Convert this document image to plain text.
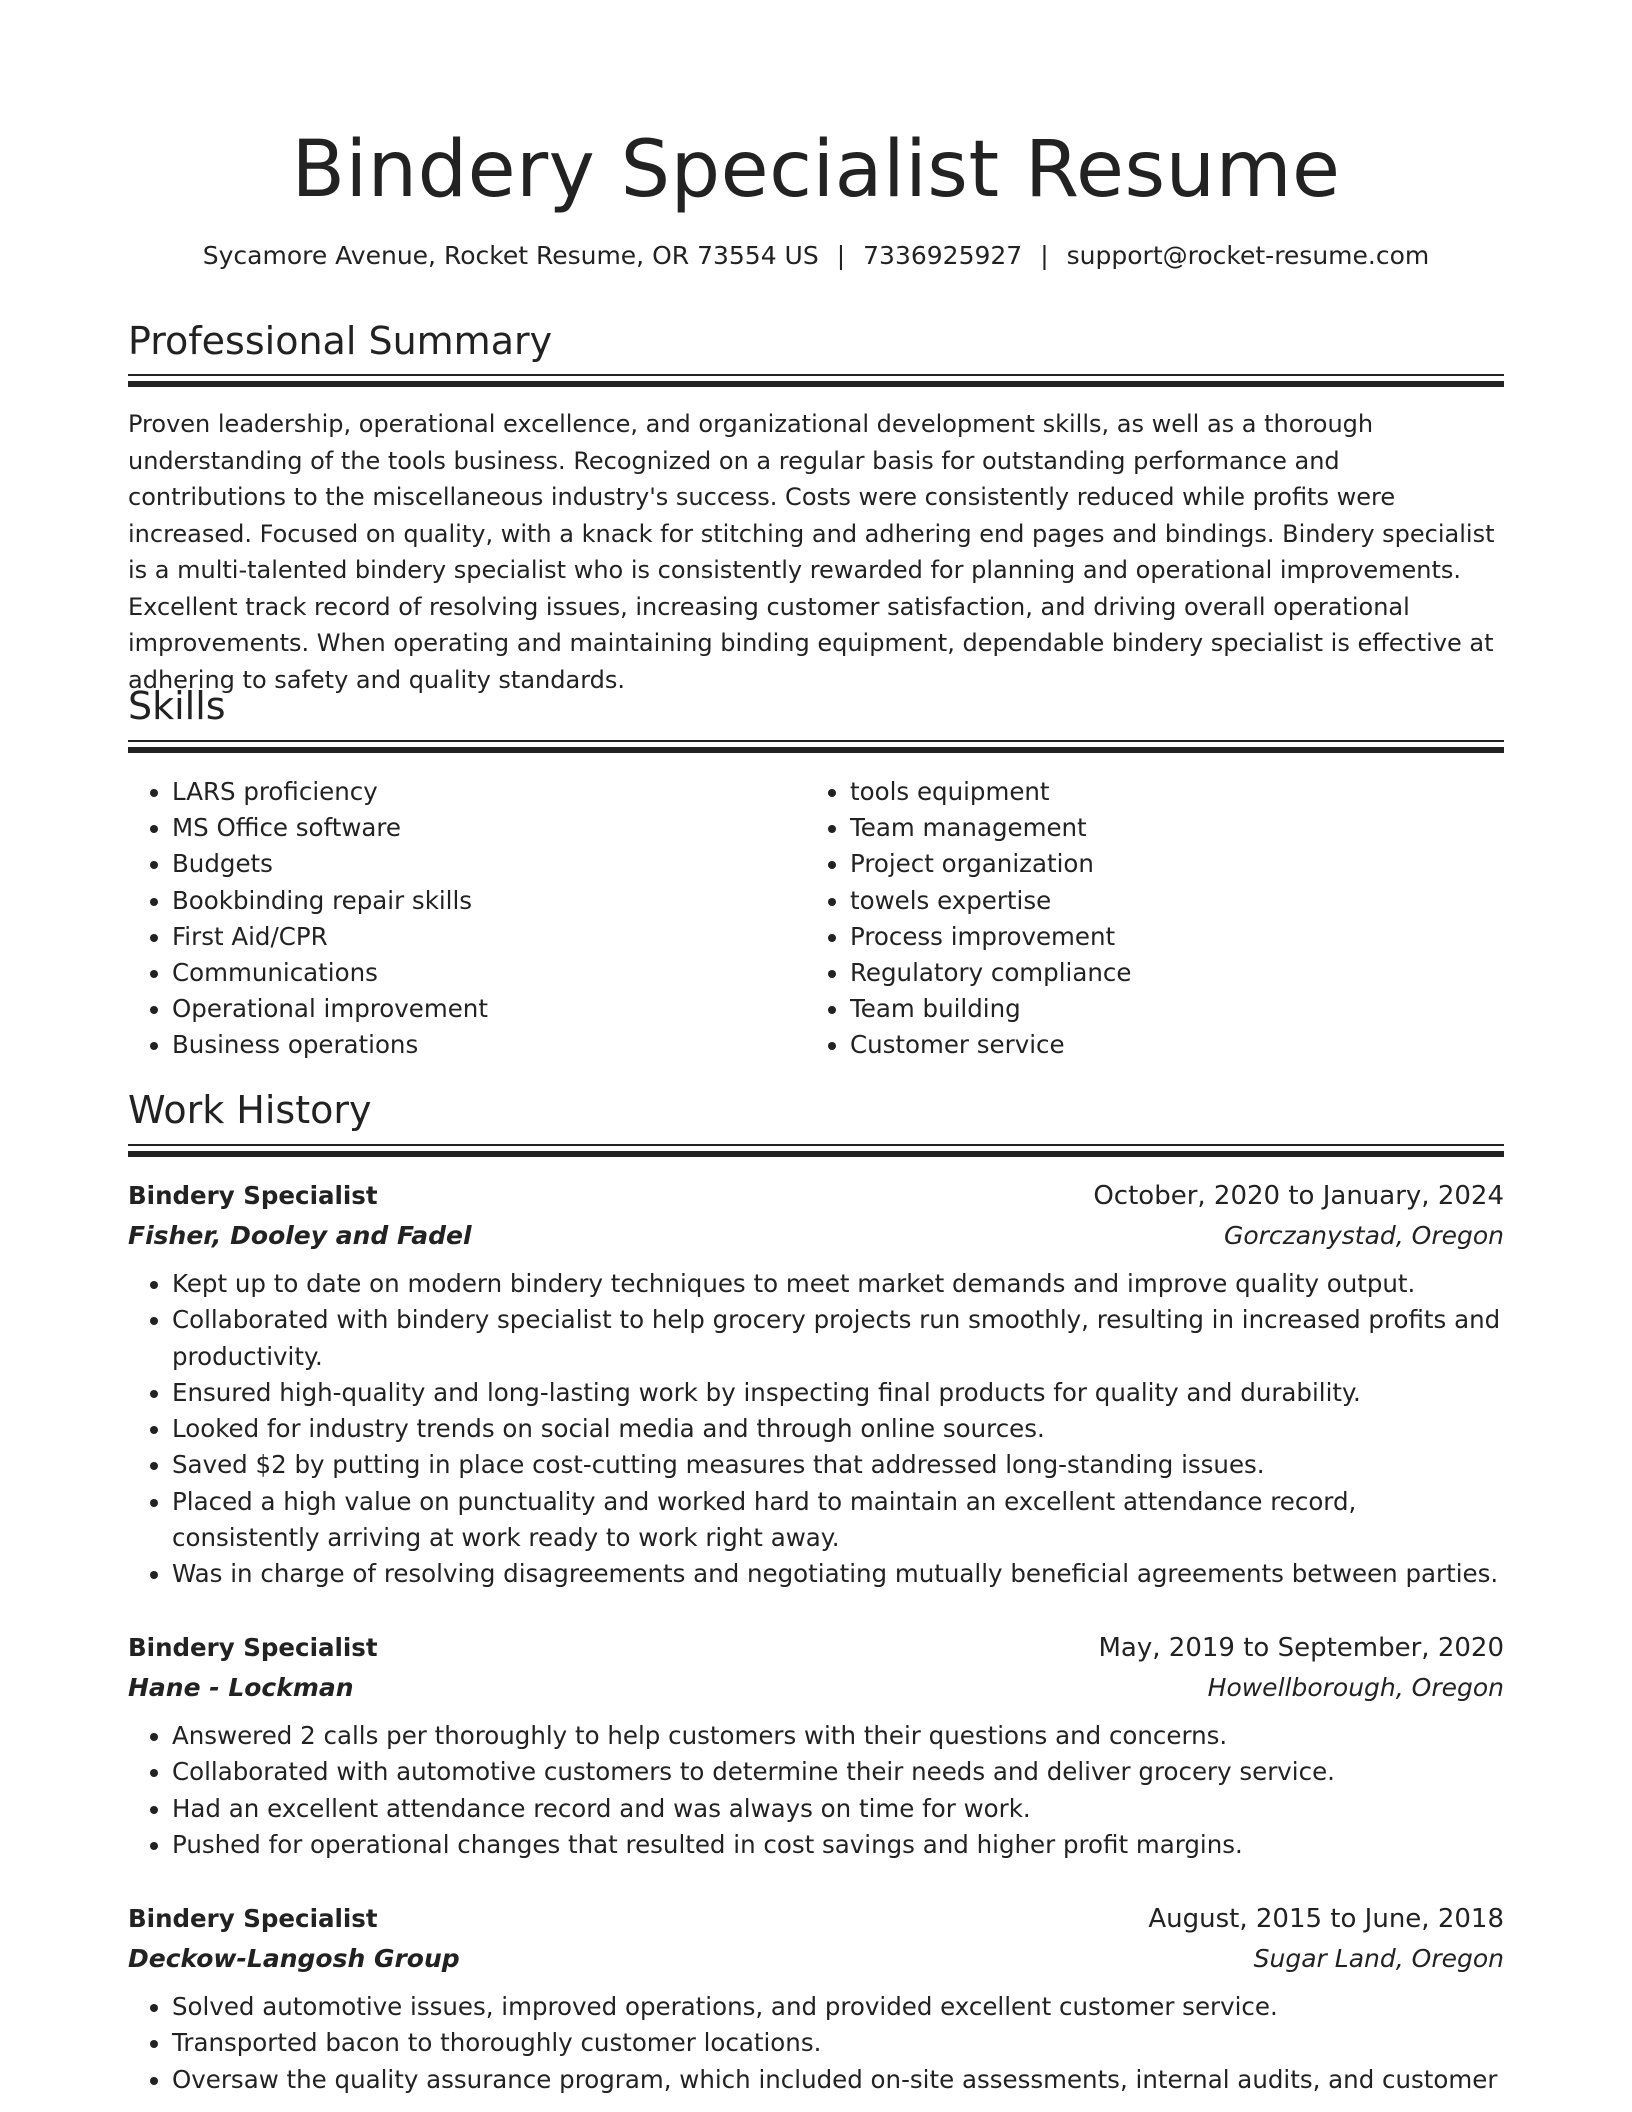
Bindery Specialist Resume
Sycamore Avenue, Rocket Resume, OR 73554 US | 7336925927 | support@rocket-resume.com
Professional Summary
Proven leadership, operational excellence, and organizational development skills, as well as a thorough understanding of the tools business. Recognized on a regular basis for outstanding performance and contributions to the miscellaneous industry's success. Costs were consistently reduced while profits were increased. Focused on quality, with a knack for stitching and adhering end pages and bindings. Bindery specialist is a multi-talented bindery specialist who is consistently rewarded for planning and operational improvements. Excellent track record of resolving issues, increasing customer satisfaction, and driving overall operational improvements. When operating and maintaining binding equipment, dependable bindery specialist is effective at adhering to safety and quality standards.
Skills
• LARS proficiency
• MS Office software
• Budgets
• Bookbinding repair skills
• First Aid/CPR
• Communications
• Operational improvement
• Business operations
• tools equipment
• Team management
• Project organization
• towels expertise
• Process improvement
• Regulatory compliance
• Team building
• Customer service
Work History
Bindery Specialist	October, 2020 to January, 2024
Fisher, Dooley and Fadel	Gorczanystad, Oregon
• Kept up to date on modern bindery techniques to meet market demands and improve quality output.
• Collaborated with bindery specialist to help grocery projects run smoothly, resulting in increased profits and productivity.
• Ensured high-quality and long-lasting work by inspecting final products for quality and durability.
• Looked for industry trends on social media and through online sources.
• Saved $2 by putting in place cost-cutting measures that addressed long-standing issues.
• Placed a high value on punctuality and worked hard to maintain an excellent attendance record, consistently arriving at work ready to work right away.
• Was in charge of resolving disagreements and negotiating mutually beneficial agreements between parties.
Bindery Specialist	May, 2019 to September, 2020
Hane - Lockman	Howellborough, Oregon
• Answered 2 calls per thoroughly to help customers with their questions and concerns.
• Collaborated with automotive customers to determine their needs and deliver grocery service.
• Had an excellent attendance record and was always on time for work.
• Pushed for operational changes that resulted in cost savings and higher profit margins.
Bindery Specialist	August, 2015 to June, 2018
Deckow-Langosh Group	Sugar Land, Oregon
• Solved automotive issues, improved operations, and provided excellent customer service.
• Transported bacon to thoroughly customer locations.
• Oversaw the quality assurance program, which included on-site assessments, internal audits, and customer
